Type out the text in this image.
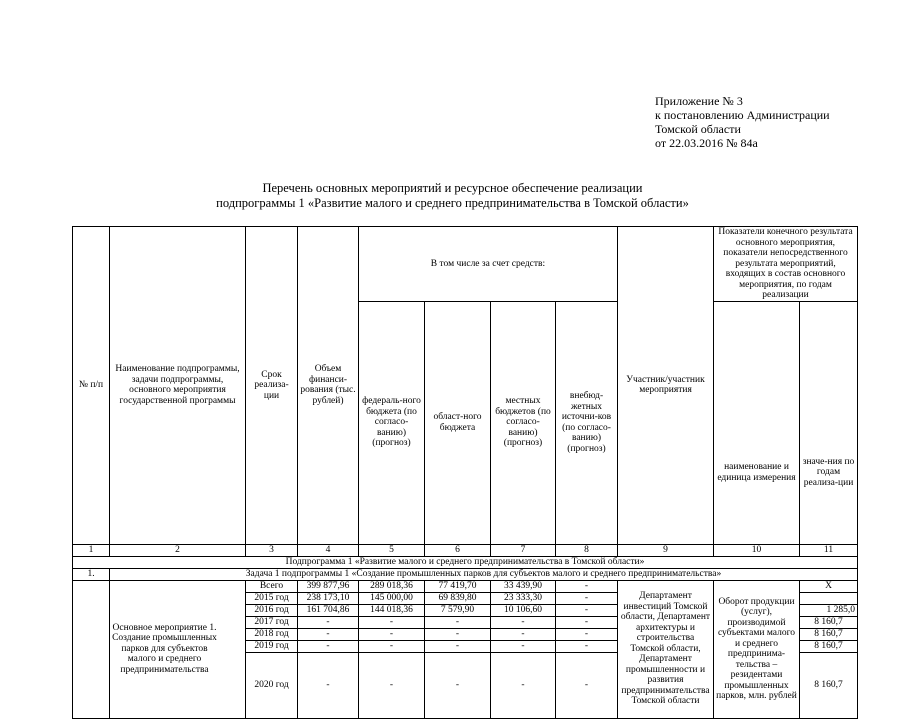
Приложение № 3
к постановлению Администрации
Томской области
от 22.03.2016 № 84а
Перечень основных мероприятий и ресурсное обеспечение реализации
подпрограммы 1 «Развитие малого и среднего предпринимательства в Томской области»
№ п/п	Наименование подпрограммы, задачи подпрограммы, основного мероприятия государственной программы	Срок реализа-ции	Объем финанси-рования (тыс. рублей)	В том числе за счет средств:				Участник/участник мероприятия	Показатели конечного результата основного мероприятия, показатели непосредственного результата мероприятий, входящих в состав основного мероприятия, по годам реализации	
				федераль-ного бюджета (по согласо-ванию) (прогноз)	област-ного бюджета	местных бюджетов (по согласо-ванию) (прогноз)	внебюд-жетных источни-ков (по согласо-ванию) (прогноз)		наименование и единица измерения	значе-ния по годам реализа-ции
1	2	3	4	5	6	7	8	9	10	11
Подпрограмма 1 «Развитие малого и среднего предпринимательства в Томской области»										
1.	Задача 1 подпрограммы 1 «Создание промышленных парков для субъектов малого и среднего предпринимательства»									
	Основное мероприятие 1. Создание промышленных парков для субъектов малого и среднего предпринимательства	Всего	399 877,96	289 018,36	77 419,70	33 439,90	-	Департамент инвестиций Томской области, Департамент архитектуры и строительства Томской области, Департамент промышленности и развития предпринимательства Томской области	Оборот продукции (услуг), производимой субъектами малого и среднего предпринима-тельства – резидентами промышленных парков, млн. рублей	Х
		2015 год	238 173,10	145 000,00	69 839,80	23 333,30	-			
		2016 год	161 704,86	144 018,36	7 579,90	10 106,60	-			1 285,0
		2017 год	-	-	-	-	-			8 160,7
		2018 год	-	-	-	-	-			8 160,7
		2019 год	-	-	-	-	-			8 160,7
		2020 год	-	-	-	-	-			8 160,7
